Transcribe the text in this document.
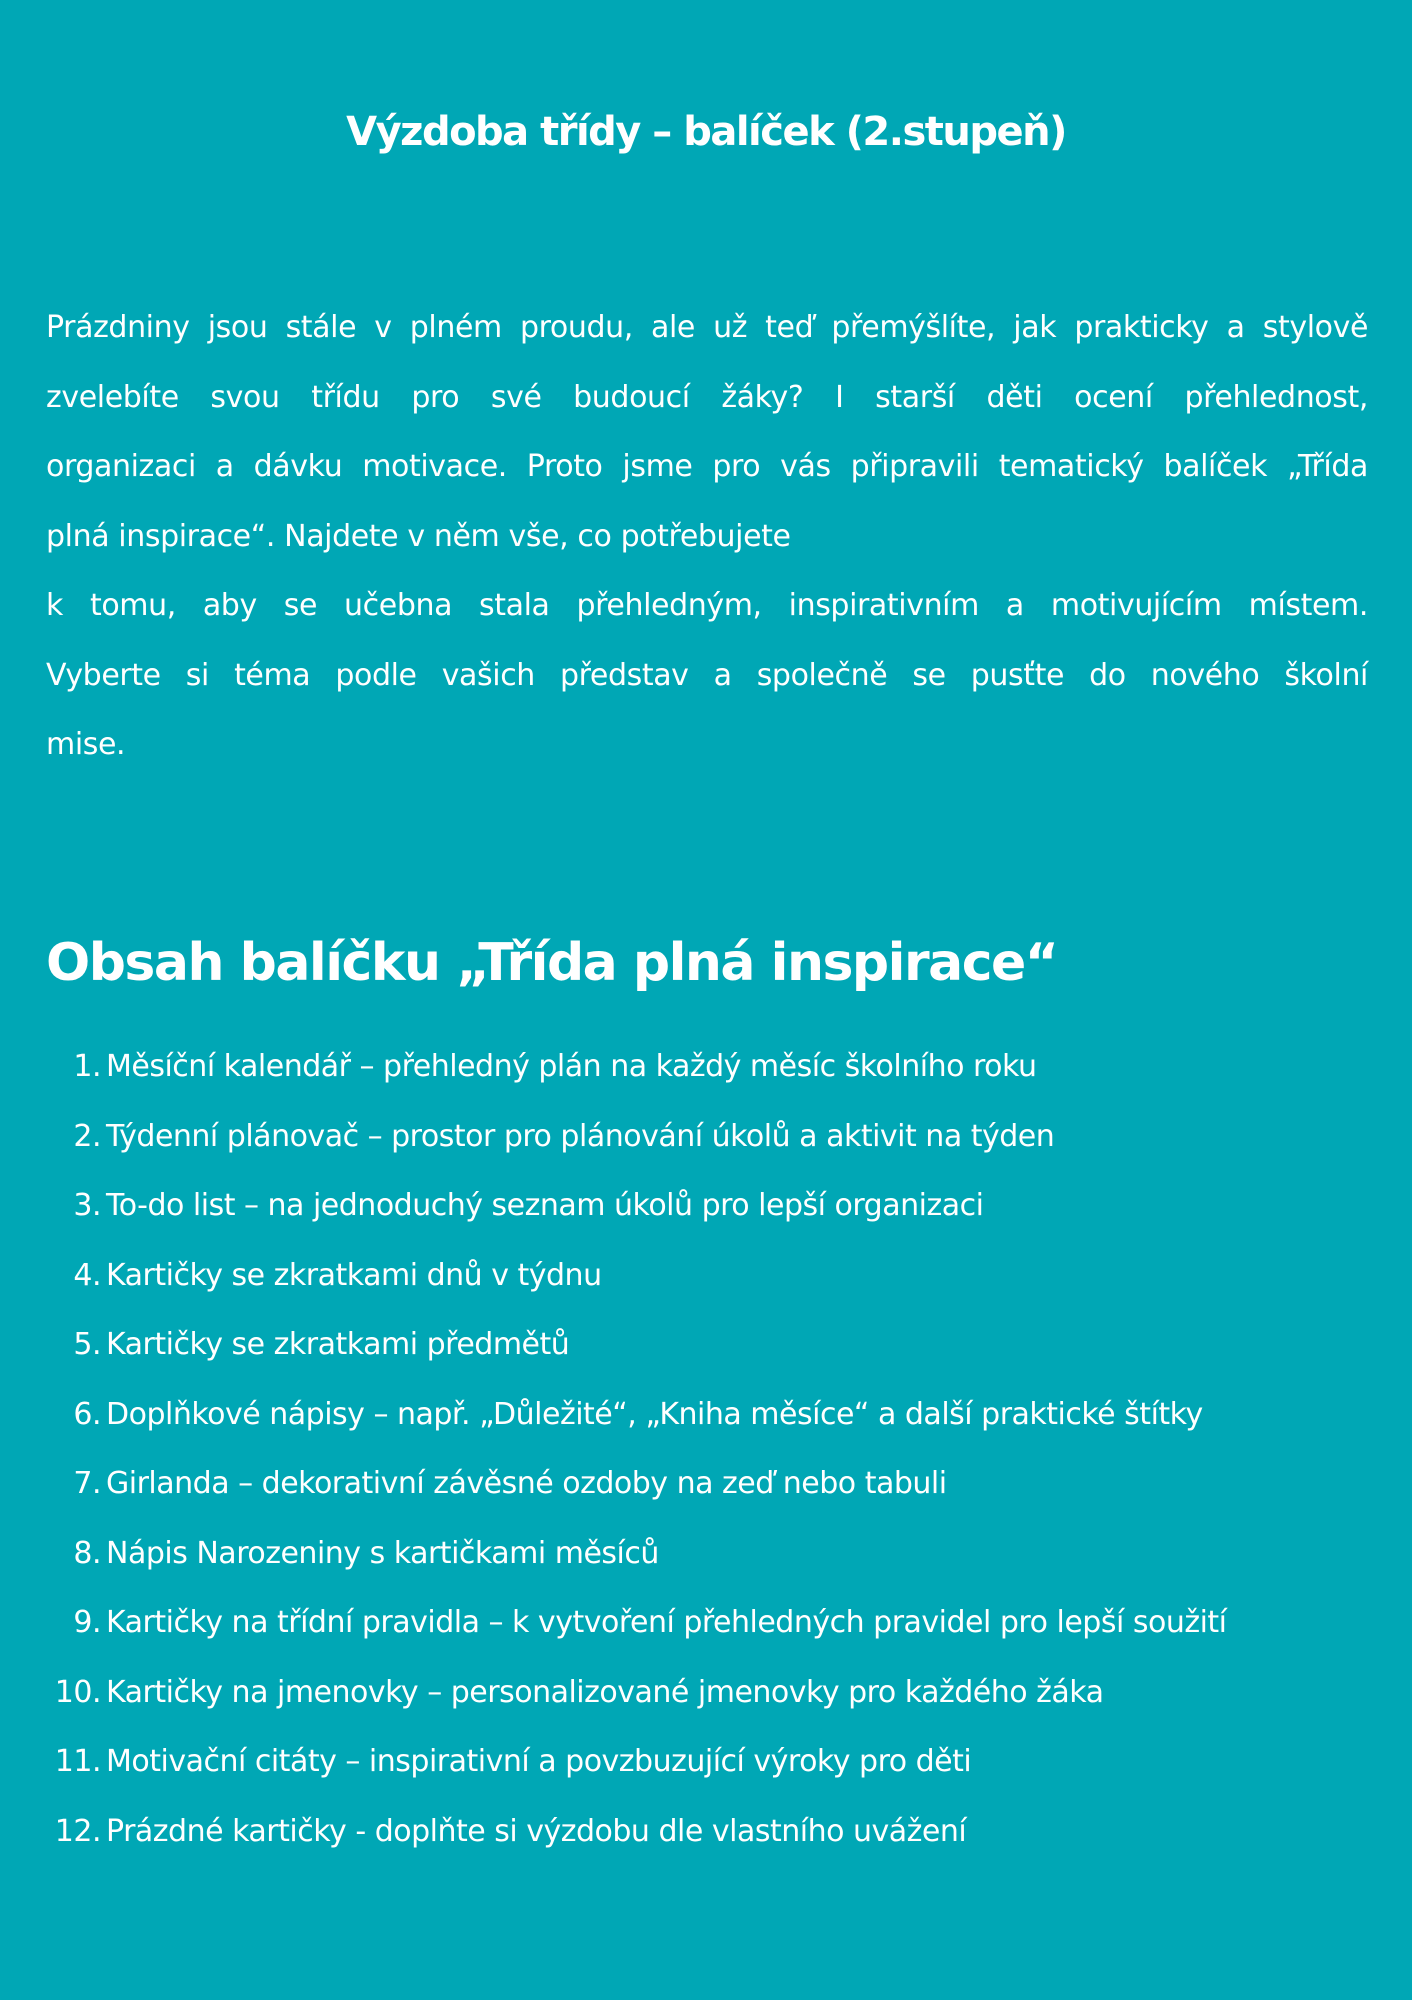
Výzdoba třídy – balíček (2.stupeň)

Prázdniny jsou stále v plném proudu, ale už teď přemýšlíte, jak prakticky a stylově
zvelebíte svou třídu pro své budoucí žáky? I starší děti ocení přehlednost,
organizaci a dávku motivace. Proto jsme pro vás připravili tematický balíček „Třída
plná inspirace“. Najdete v něm vše, co potřebujete
k tomu, aby se učebna stala přehledným, inspirativním a motivujícím místem.
Vyberte si téma podle vašich představ a společně se pusťte do nového školní
mise.

Obsah balíčku „Třída plná inspirace“
1. Měsíční kalendář – přehledný plán na každý měsíc školního roku
2. Týdenní plánovač – prostor pro plánování úkolů a aktivit na týden
3. To-do list – na jednoduchý seznam úkolů pro lepší organizaci
4. Kartičky se zkratkami dnů v týdnu
5. Kartičky se zkratkami předmětů
6. Doplňkové nápisy – např. „Důležité“, „Kniha měsíce“ a další praktické štítky
7. Girlanda – dekorativní závěsné ozdoby na zeď nebo tabuli
8. Nápis Narozeniny s kartičkami měsíců
9. Kartičky na třídní pravidla – k vytvoření přehledných pravidel pro lepší soužití
10. Kartičky na jmenovky – personalizované jmenovky pro každého žáka
11. Motivační citáty – inspirativní a povzbuzující výroky pro děti
12. Prázdné kartičky - doplňte si výzdobu dle vlastního uvážení
